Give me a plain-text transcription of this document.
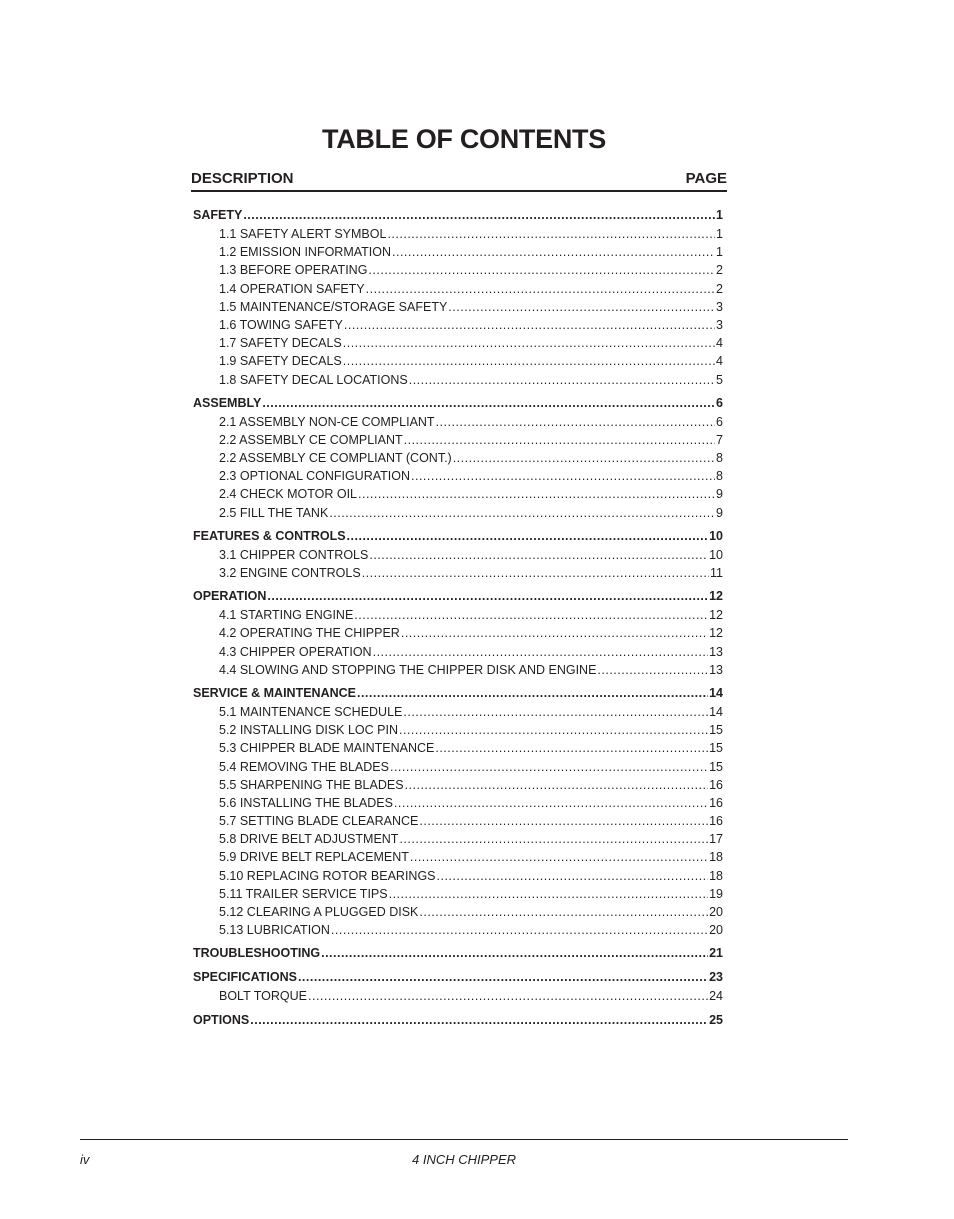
TABLE OF CONTENTS
DESCRIPTION	PAGE
SAFETY .....	1
1.1 SAFETY ALERT SYMBOL .....	1
1.2 EMISSION INFORMATION .....	1
1.3 BEFORE OPERATING .....	2
1.4 OPERATION SAFETY .....	2
1.5 MAINTENANCE/STORAGE SAFETY .....	3
1.6 TOWING SAFETY .....	3
1.7 SAFETY DECALS .....	4
1.9 SAFETY DECALS .....	4
1.8 SAFETY DECAL LOCATIONS .....	5
ASSEMBLY .....	6
2.1 ASSEMBLY NON-CE COMPLIANT .....	6
2.2 ASSEMBLY CE COMPLIANT .....	7
2.2 ASSEMBLY CE COMPLIANT (CONT.) .....	8
2.3 OPTIONAL CONFIGURATION .....	8
2.4 CHECK MOTOR OIL .....	9
2.5 FILL THE TANK .....	9
FEATURES & CONTROLS .....	10
3.1 CHIPPER CONTROLS .....	10
3.2 ENGINE CONTROLS .....	11
OPERATION .....	12
4.1 STARTING ENGINE .....	12
4.2 OPERATING THE CHIPPER .....	12
4.3 CHIPPER OPERATION .....	13
4.4 SLOWING AND STOPPING THE CHIPPER DISK AND ENGINE .....	13
SERVICE & MAINTENANCE .....	14
5.1 MAINTENANCE SCHEDULE .....	14
5.2 INSTALLING DISK LOC PIN .....	15
5.3 CHIPPER BLADE MAINTENANCE .....	15
5.4 REMOVING THE BLADES .....	15
5.5 SHARPENING THE BLADES .....	16
5.6 INSTALLING THE BLADES .....	16
5.7 SETTING BLADE CLEARANCE .....	16
5.8 DRIVE BELT ADJUSTMENT .....	17
5.9 DRIVE BELT REPLACEMENT .....	18
5.10 REPLACING ROTOR BEARINGS .....	18
5.11 TRAILER SERVICE TIPS .....	19
5.12 CLEARING A PLUGGED DISK .....	20
5.13 LUBRICATION .....	20
TROUBLESHOOTING .....	21
SPECIFICATIONS .....	23
BOLT TORQUE .....	24
OPTIONS .....	25
iv	4 INCH CHIPPER
